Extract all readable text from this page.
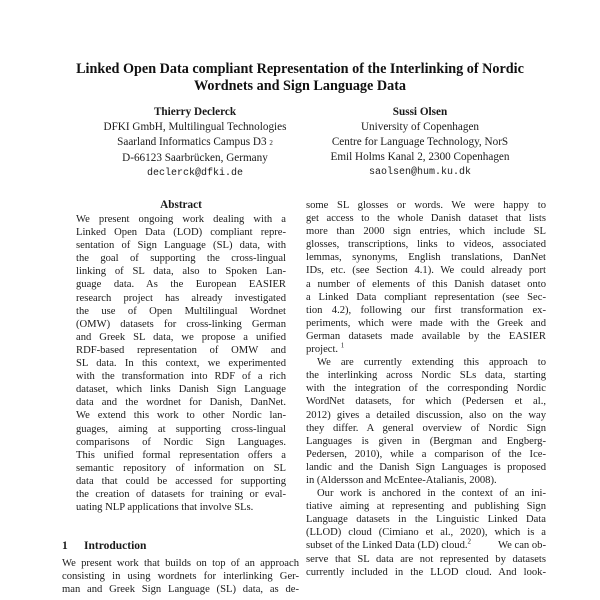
Linked Open Data compliant Representation of the Interlinking of Nordic
Wordnets and Sign Language Data
Thierry Declerck
DFKI GmbH, Multilingual Technologies
Saarland Informatics Campus D3 2
D-66123 Saarbrücken, Germany
declerck@dfki.de
Sussi Olsen
University of Copenhagen
Centre for Language Technology, NorS
Emil Holms Kanal 2, 2300 Copenhagen
saolsen@hum.ku.dk
Abstract
We present ongoing work dealing with a
Linked Open Data (LOD) compliant repre-
sentation of Sign Language (SL) data, with
the goal of supporting the cross-lingual
linking of SL data, also to Spoken Lan-
guage data. As the European EASIER
research project has already investigated
the use of Open Multilingual Wordnet
(OMW) datasets for cross-linking German
and Greek SL data, we propose a unified
RDF-based representation of OMW and
SL data. In this context, we experimented
with the transformation into RDF of a rich
dataset, which links Danish Sign Language
data and the wordnet for Danish, DanNet.
We extend this work to other Nordic lan-
guages, aiming at supporting cross-lingual
comparisons of Nordic Sign Languages.
This unified formal representation offers a
semantic repository of information on SL
data that could be accessed for supporting
the creation of datasets for training or eval-
uating NLP applications that involve SLs.
1 Introduction
We present work that builds on top of an approach
consisting in using wordnets for interlinking Ger-
man and Greek Sign Language (SL) data, as de-
some SL glosses or words. We were happy to
get access to the whole Danish dataset that lists
more than 2000 sign entries, which include SL
glosses, transcriptions, links to videos, associated
lemmas, synonyms, English translations, DanNet
IDs, etc. (see Section 4.1). We could already port
a number of elements of this Danish dataset onto
a Linked Data compliant representation (see Sec-
tion 4.2), following our first transformation ex-
periments, which were made with the Greek and
German datasets made available by the EASIER
project. $^1$
We are currently extending this approach to
the interlinking across Nordic SLs data, starting
with the integration of the corresponding Nordic
WordNet datasets, for which (Pedersen et al.,
2012) gives a detailed discussion, also on the way
they differ. A general overview of Nordic Sign
Languages is given in (Bergman and Engberg-
Pedersen, 2010), while a comparison of the Ice-
landic and the Danish Sign Languages is proposed
in (Aldersson and McEntee-Atalianis, 2008).
Our work is anchored in the context of an ini-
tiative aiming at representing and publishing Sign
Language datasets in the Linguistic Linked Data
(LLOD) cloud (Cimiano et al., 2020), which is a
subset of the Linked Data (LD) cloud.$^2$	We can ob-
serve that SL data are not represented by datasets
currently included in the LLOD cloud. And look-
